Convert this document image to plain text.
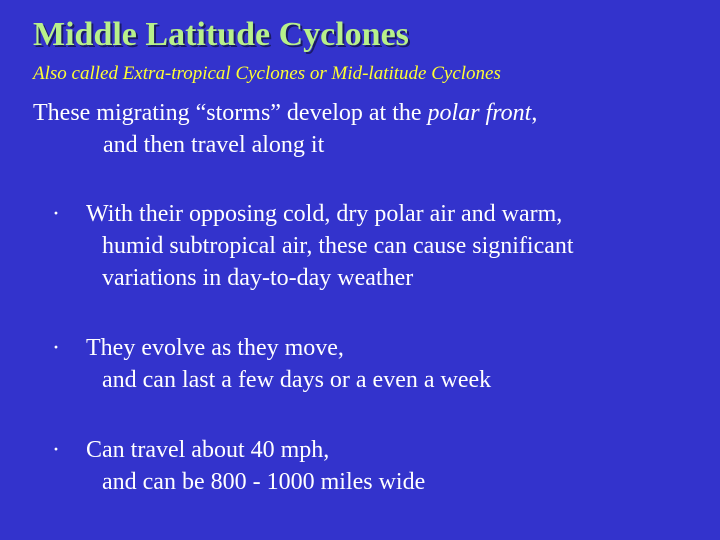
Middle Latitude Cyclones

Also called Extra-tropical Cyclones or Mid-latitude Cyclones

These migrating “storms” develop at the polar front,
and then travel along it

· With their opposing cold, dry polar air and warm,
humid subtropical air, these can cause significant
variations in day-to-day weather

· They evolve as they move,
and can last a few days or a even a week

· Can travel about 40 mph,
and can be 800 - 1000 miles wide
